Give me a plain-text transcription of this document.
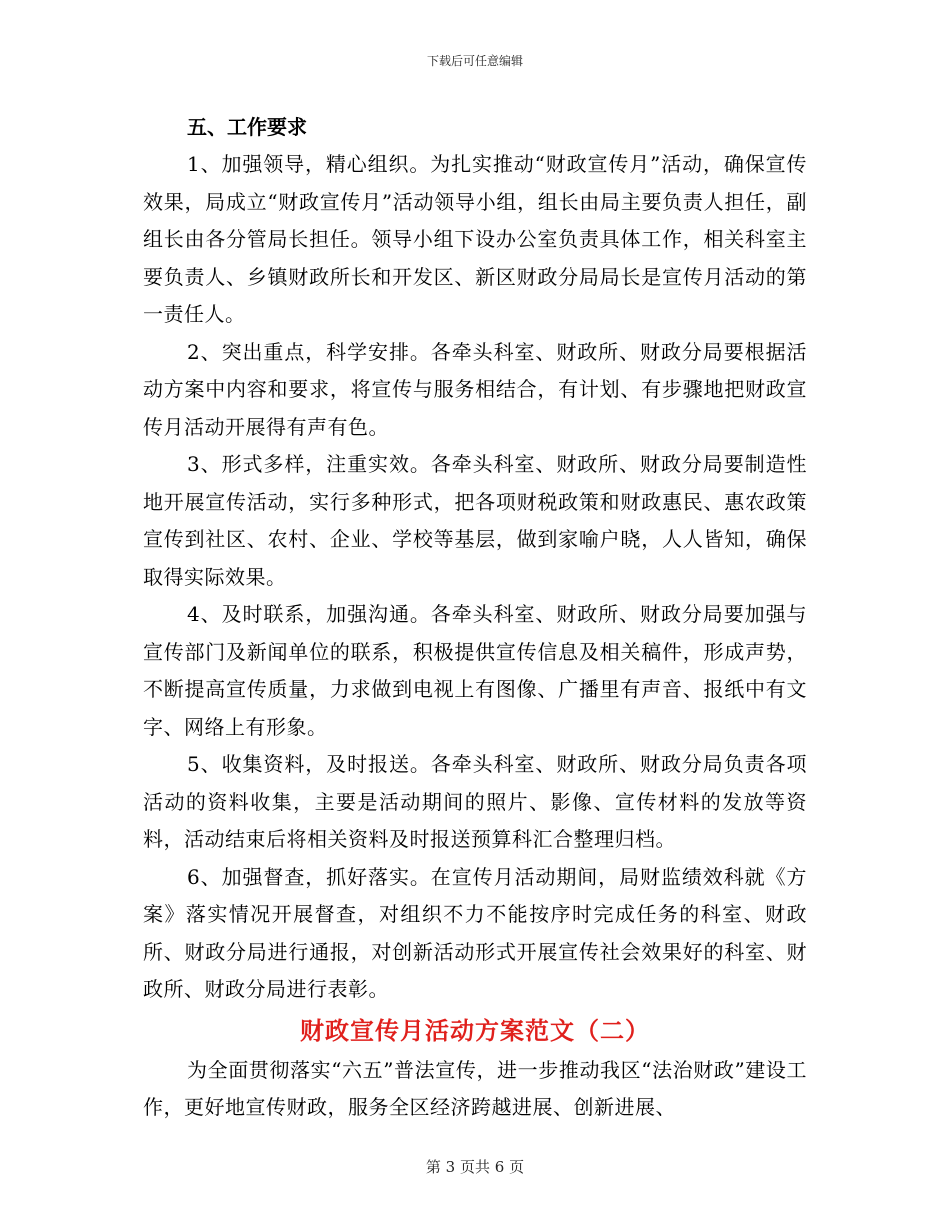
下载后可任意编辑

五、工作要求

1、加强领导，精心组织。为扎实推动“财政宣传月”活动，确保宣传效果，局成立“财政宣传月”活动领导小组，组长由局主要负责人担任，副组长由各分管局长担任。领导小组下设办公室负责具体工作，相关科室主要负责人、乡镇财政所长和开发区、新区财政分局局长是宣传月活动的第一责任人。

2、突出重点，科学安排。各牵头科室、财政所、财政分局要根据活动方案中内容和要求，将宣传与服务相结合，有计划、有步骤地把财政宣传月活动开展得有声有色。

3、形式多样，注重实效。各牵头科室、财政所、财政分局要制造性地开展宣传活动，实行多种形式，把各项财税政策和财政惠民、惠农政策宣传到社区、农村、企业、学校等基层，做到家喻户晓，人人皆知，确保取得实际效果。

4、及时联系，加强沟通。各牵头科室、财政所、财政分局要加强与宣传部门及新闻单位的联系，积极提供宣传信息及相关稿件，形成声势，不断提高宣传质量，力求做到电视上有图像、广播里有声音、报纸中有文字、网络上有形象。

5、收集资料，及时报送。各牵头科室、财政所、财政分局负责各项活动的资料收集，主要是活动期间的照片、影像、宣传材料的发放等资料，活动结束后将相关资料及时报送预算科汇合整理归档。

6、加强督查，抓好落实。在宣传月活动期间，局财监绩效科就《方案》落实情况开展督查，对组织不力不能按序时完成任务的科室、财政所、财政分局进行通报，对创新活动形式开展宣传社会效果好的科室、财政所、财政分局进行表彰。

财政宣传月活动方案范文（二）

为全面贯彻落实“六五”普法宣传，进一步推动我区“法治财政”建设工作，更好地宣传财政，服务全区经济跨越进展、创新进展、

第 3 页共 6 页
